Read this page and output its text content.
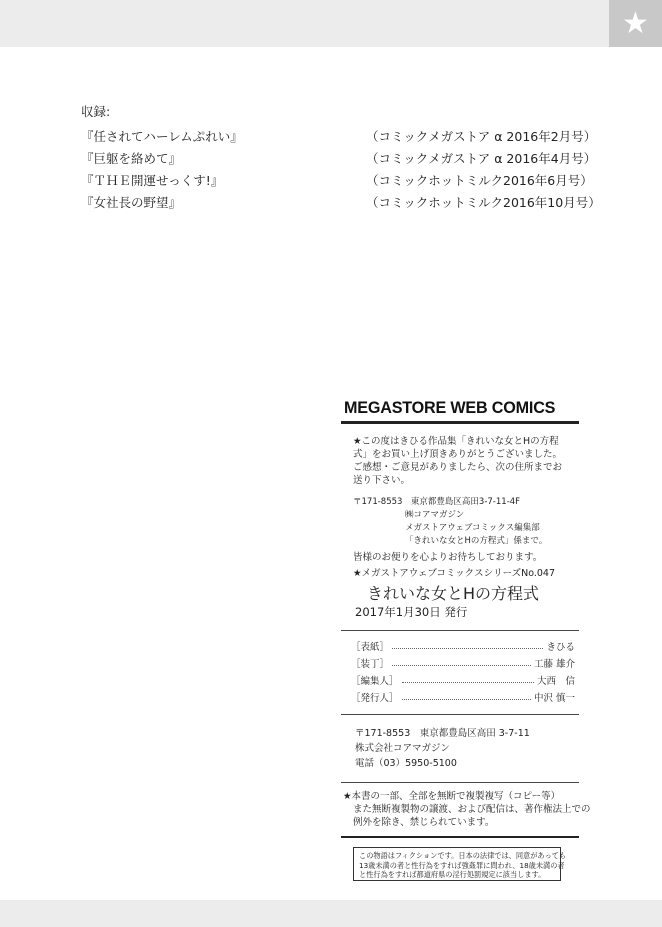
★
収録:
『任されてハーレムぷれい』	（コミックメガストア α 2016年2月号）
『巨躯を絡めて』	（コミックメガストア α 2016年4月号）
『ＴＨＥ開運せっくす!』	（コミックホットミルク2016年6月号）
『女社長の野望』	（コミックホットミルク2016年10月号）
MEGASTORE WEB COMICS
★この度はきひる作品集「きれいな女とHの方程
式」をお買い上げ頂きありがとうございました。
ご感想・ご意見がありましたら、次の住所までお
送り下さい。
〒171-8553　東京都豊島区高田3-7-11-4F
㈱コアマガジン
メガストアウェブコミックス編集部
「きれいな女とHの方程式」係まで。
皆様のお便りを心よりお待ちしております。
★メガストアウェブコミックスシリーズNo.047
きれいな女とHの方程式
2017年1月30日 発行
［表紙］	きひる
［装丁］	工藤 雄介
［編集人］	大西　信
［発行人］	中沢 慎一
〒171-8553　東京都豊島区高田 3-7-11
株式会社コアマガジン
電話（03）5950-5100
★本書の一部、全部を無断で複製複写（コピー等）
また無断複製物の譲渡、および配信は、著作権法上での
例外を除き、禁じられています。
この物語はフィクションです。日本の法律では、同意があっても
13歳未満の者と性行為をすれば強姦罪に問われ、18歳未満の者
と性行為をすれば都道府県の淫行処罰規定に該当します。
